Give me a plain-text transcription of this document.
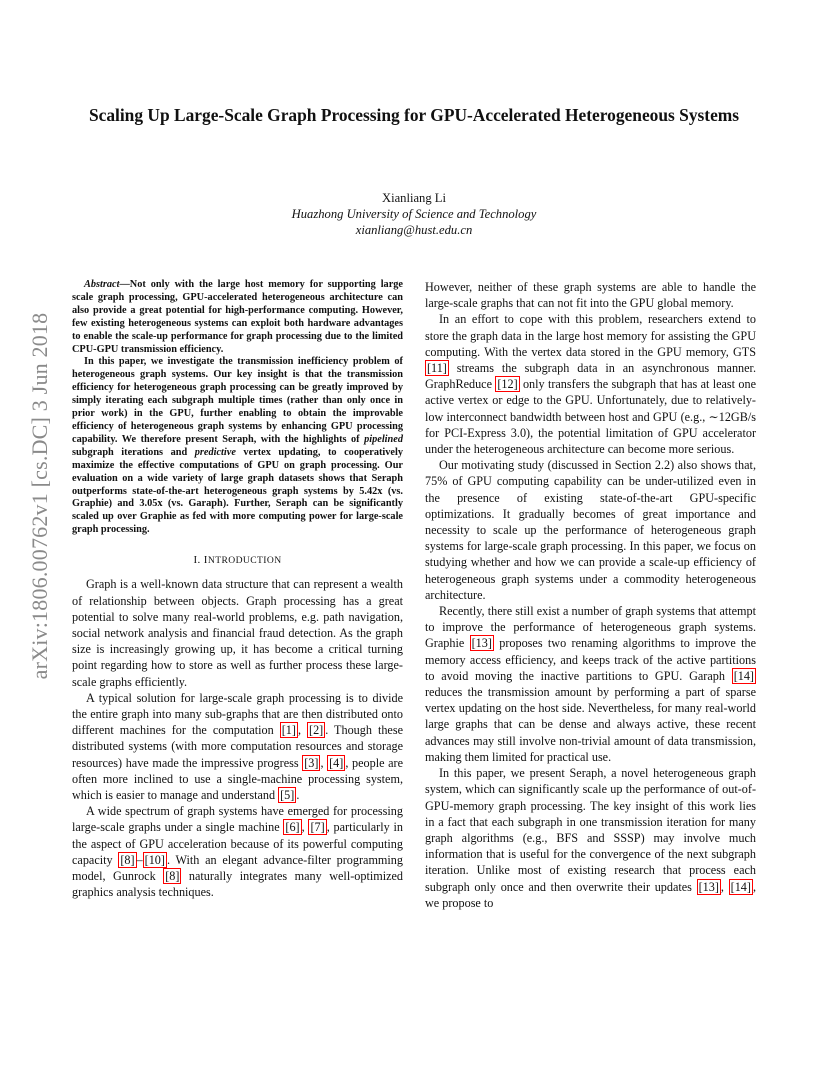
arXiv:1806.00762v1 [cs.DC] 3 Jun 2018
Scaling Up Large-Scale Graph Processing for GPU-Accelerated Heterogeneous Systems
Xianliang Li
Huazhong University of Science and Technology
xianliang@hust.edu.cn

Abstract—Not only with the large host memory for supporting large scale graph processing, GPU-accelerated heterogeneous architecture can also provide a great potential for high-performance computing. However, few existing heterogeneous systems can exploit both hardware advantages to enable the scale-up performance for graph processing due to the limited CPU-GPU transmission efficiency.

In this paper, we investigate the transmission inefficiency problem of heterogeneous graph systems. Our key insight is that the transmission efficiency for heterogeneous graph processing can be greatly improved by simply iterating each subgraph multiple times (rather than only once in prior work) in the GPU, further enabling to obtain the improvable efficiency of heterogeneous graph systems by enhancing GPU processing capability. We therefore present Seraph, with the highlights of pipelined subgraph iterations and predictive vertex updating, to cooperatively maximize the effective computations of GPU on graph processing. Our evaluation on a wide variety of large graph datasets shows that Seraph outperforms state-of-the-art heterogeneous graph systems by 5.42x (vs. Graphie) and 3.05x (vs. Garaph). Further, Seraph can be significantly scaled up over Graphie as fed with more computing power for large-scale graph processing.

I. INTRODUCTION

Graph is a well-known data structure that can represent a wealth of relationship between objects. Graph processing has a great potential to solve many real-world problems, e.g. path navigation, social network analysis and financial fraud detection. As the graph size is increasingly growing up, it has become a critical turning point regarding how to store as well as further process these large-scale graphs efficiently.

A typical solution for large-scale graph processing is to divide the entire graph into many sub-graphs that are then distributed onto different machines for the computation [1] , [2] . Though these distributed systems (with more computation resources and storage resources) have made the impressive progress [3] , [4] , people are often more inclined to use a single-machine processing system, which is easier to manage and understand [5] .

A wide spectrum of graph systems have emerged for processing large-scale graphs under a single machine [6] , [7] , particularly in the aspect of GPU acceleration because of its powerful computing capacity [8] – [10] . With an elegant advance-filter programming model, Gunrock [8] naturally integrates many well-optimized graphics analysis techniques.

However, neither of these graph systems are able to handle the large-scale graphs that can not fit into the GPU global memory.

In an effort to cope with this problem, researchers extend to store the graph data in the large host memory for assisting the GPU computing. With the vertex data stored in the GPU memory, GTS [11] streams the subgraph data in an asynchronous manner. GraphReduce [12] only transfers the subgraph that has at least one active vertex or edge to the GPU. Unfortunately, due to relatively-low interconnect bandwidth between host and GPU (e.g., ∼12GB/s for PCI-Express 3.0), the potential limitation of GPU accelerator under the heterogeneous architecture can become more serious.

Our motivating study (discussed in Section 2.2) also shows that, 75% of GPU computing capability can be under-utilized even in the presence of existing state-of-the-art GPU-specific optimizations. It gradually becomes of great importance and necessity to scale up the performance of heterogeneous graph systems for large-scale graph processing. In this paper, we focus on studying whether and how we can provide a scale-up efficiency of heterogeneous graph systems under a commodity heterogeneous architecture.

Recently, there still exist a number of graph systems that attempt to improve the performance of heterogeneous graph systems. Graphie [13] proposes two renaming algorithms to improve the memory access efficiency, and keeps track of the active partitions to avoid moving the inactive partitions to GPU. Garaph [14] reduces the transmission amount by performing a part of sparse vertex updating on the host side. Nevertheless, for many real-world large graphs that can be dense and always active, these recent advances may still involve non-trivial amount of data transmission, making them limited for practical use.

In this paper, we present Seraph, a novel heterogeneous graph system, which can significantly scale up the performance of out-of-GPU-memory graph processing. The key insight of this work lies in a fact that each subgraph in one transmission iteration for many graph algorithms (e.g., BFS and SSSP) may involve much information that is useful for the convergence of the next subgraph iteration. Unlike most of existing research that process each subgraph only once and then overwrite their updates [13] , [14] , we propose to
